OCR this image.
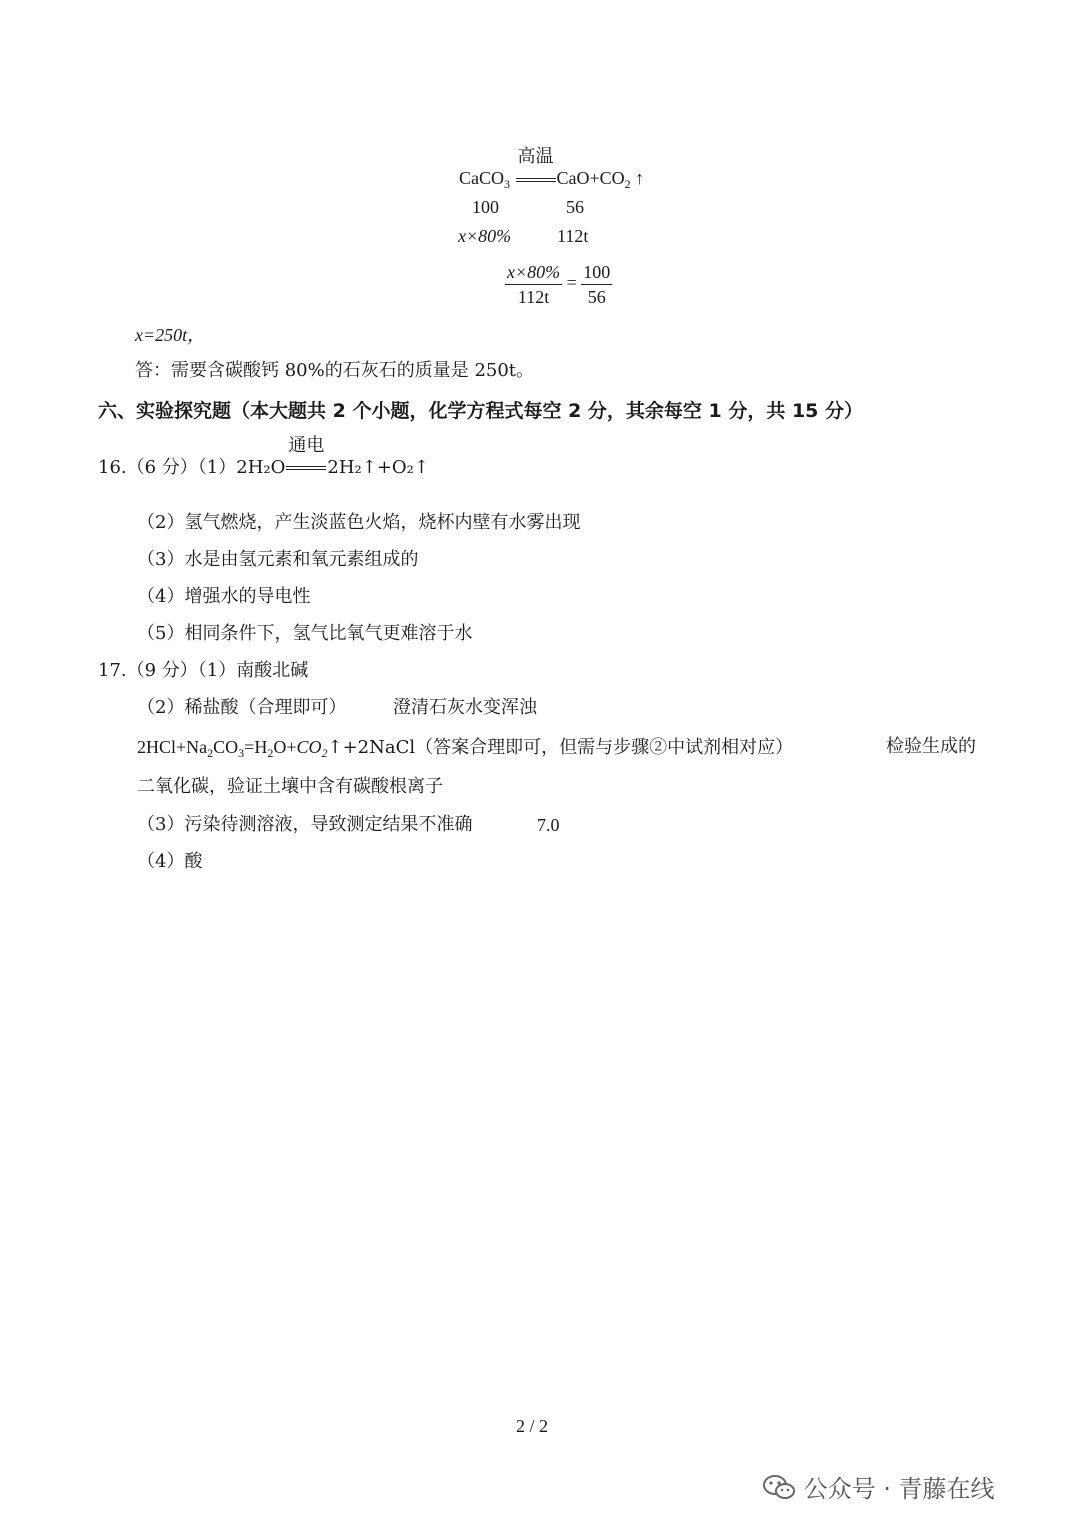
CaCO$_3$
高温
$CaO+CO_2$ ↑
100	56
x×80%	112t
$\frac{x\times 80\%}{112t} = \frac{100}{56}$
x=250t，
答：需要含碳酸钙 80%的石灰石的质量是 250t。
六、实验探究题（本大题共 2 个小题，化学方程式每空 2 分，其余每空 1 分，共 15 分）
16.（6 分）（1）2H₂O
通电
2H₂↑+O₂↑
（2）氢气燃烧，产生淡蓝色火焰，烧杯内壁有水雾出现
（3）水是由氢元素和氧元素组成的
（4）增强水的导电性
（5）相同条件下，氢气比氧气更难溶于水
17.（9 分）（1）南酸北碱
（2）稀盐酸（合理即可）	澄清石灰水变浑浊
$2HCl+Na_2CO_3=H_2O+CO_2↑+2NaCl$（答案合理即可，但需与步骤②中试剂相对应）	检验生成的
二氧化碳，验证土壤中含有碳酸根离子
（3）污染待测溶液，导致测定结果不准确	7.0
（4）酸
2 / 2
公众号 · 青藤在线
